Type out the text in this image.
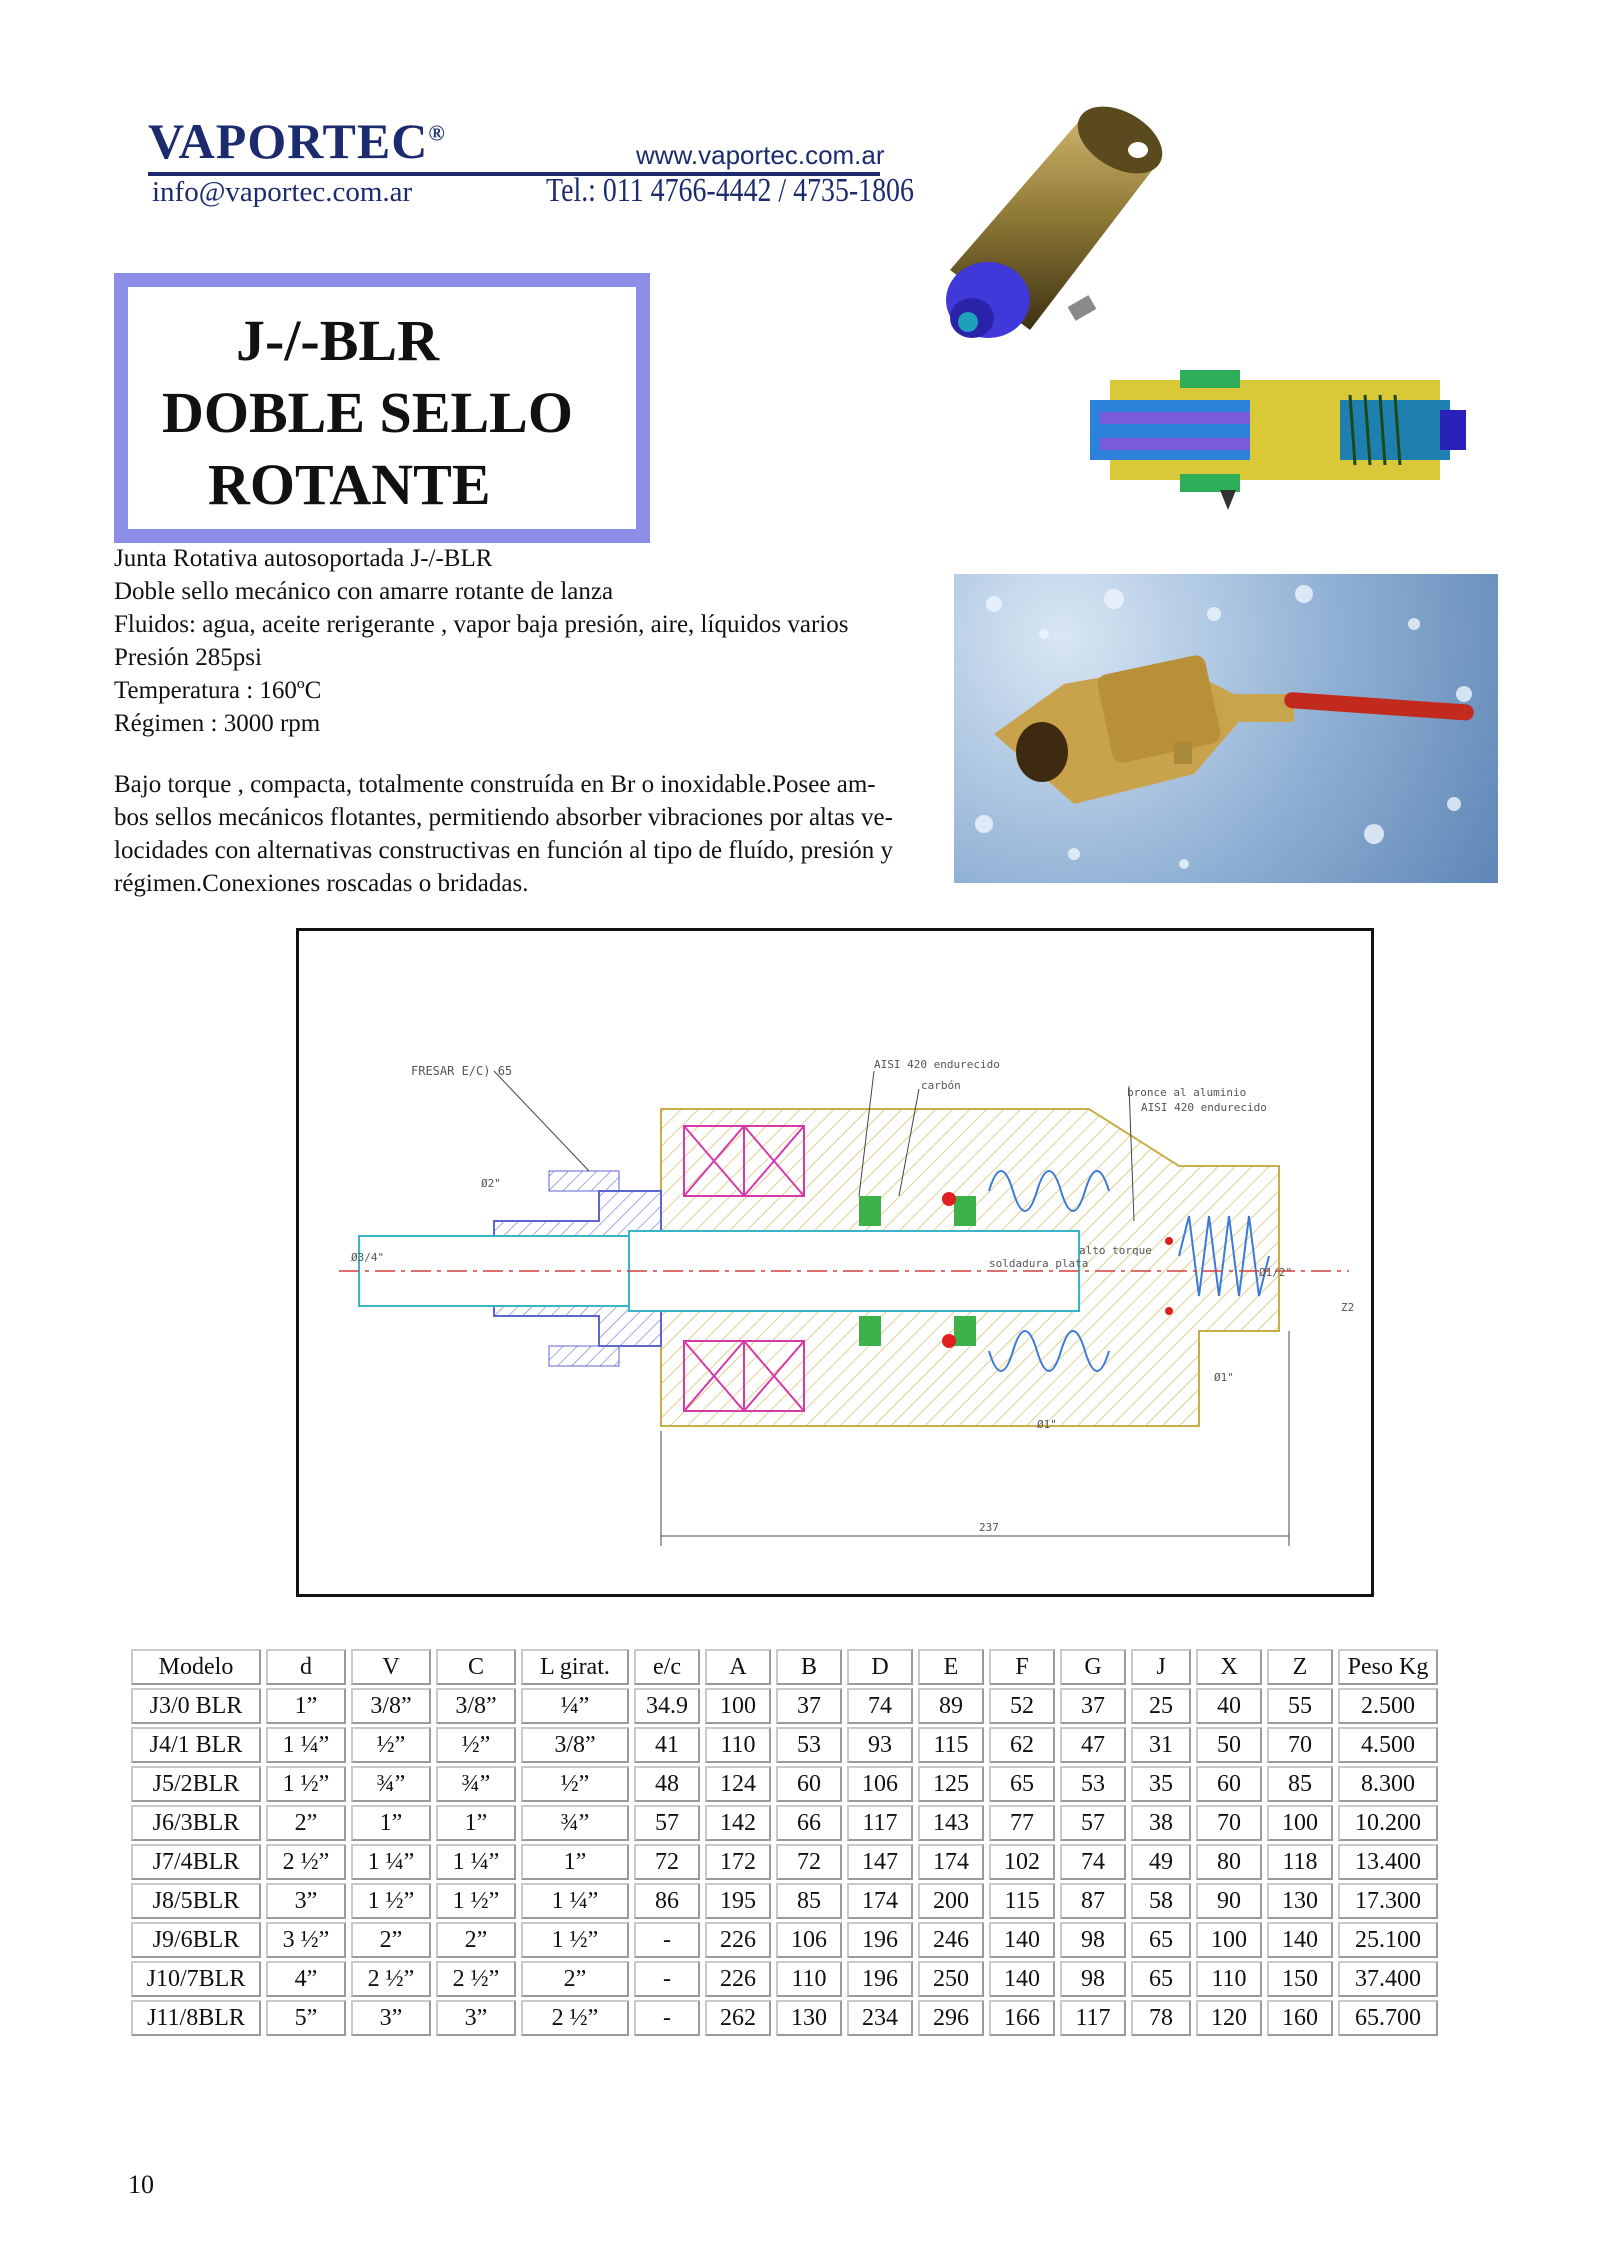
VAPORTEC®
www.vaportec.com.ar
info@vaportec.com.ar	Tel.: 011 4766-4442 / 4735-1806
J-/-BLR
DOBLE SELLO
ROTANTE
Junta Rotativa autosoportada J-/-BLR
Doble sello mecánico con amarre rotante de lanza
Fluidos: agua, aceite rerigerante , vapor baja presión, aire, líquidos varios
Presión 285psi
Temperatura : 160ºC
Régimen : 3000 rpm
Bajo torque , compacta, totalmente construída en Br o inoxidable.Posee am-
bos sellos mecánicos flotantes, permitiendo absorber vibraciones por altas ve-
locidades con alternativas constructivas en función al tipo de fluído, presión y
régimen.Conexiones roscadas o bridadas.
FRESAR E/C) 65	AISI 420 endurecido
carbón
bronce al aluminio
AISI 420 endurecido
Ø2"
Ø3/4"	soldadura plata
alto torque
Ø1/2"
Ø1"
Ø1"
237
Z2
Modelo	d	V	C	L girat.	e/c	A	B	D	E	F	G	J	X	Z	Peso Kg
J3/0 BLR	1”	3/8”	3/8”	¼”	34.9	100	37	74	89	52	37	25	40	55	2.500
J4/1 BLR	1 ¼”	½”	½”	3/8”	41	110	53	93	115	62	47	31	50	70	4.500
J5/2BLR	1 ½”	¾”	¾”	½”	48	124	60	106	125	65	53	35	60	85	8.300
J6/3BLR	2”	1”	1”	¾”	57	142	66	117	143	77	57	38	70	100	10.200
J7/4BLR	2 ½”	1 ¼”	1 ¼”	1”	72	172	72	147	174	102	74	49	80	118	13.400
J8/5BLR	3”	1 ½”	1 ½”	1 ¼”	86	195	85	174	200	115	87	58	90	130	17.300
J9/6BLR	3 ½”	2”	2”	1 ½”	-	226	106	196	246	140	98	65	100	140	25.100
J10/7BLR	4”	2 ½”	2 ½”	2”	-	226	110	196	250	140	98	65	110	150	37.400
J11/8BLR	5”	3”	3”	2 ½”	-	262	130	234	296	166	117	78	120	160	65.700
10
